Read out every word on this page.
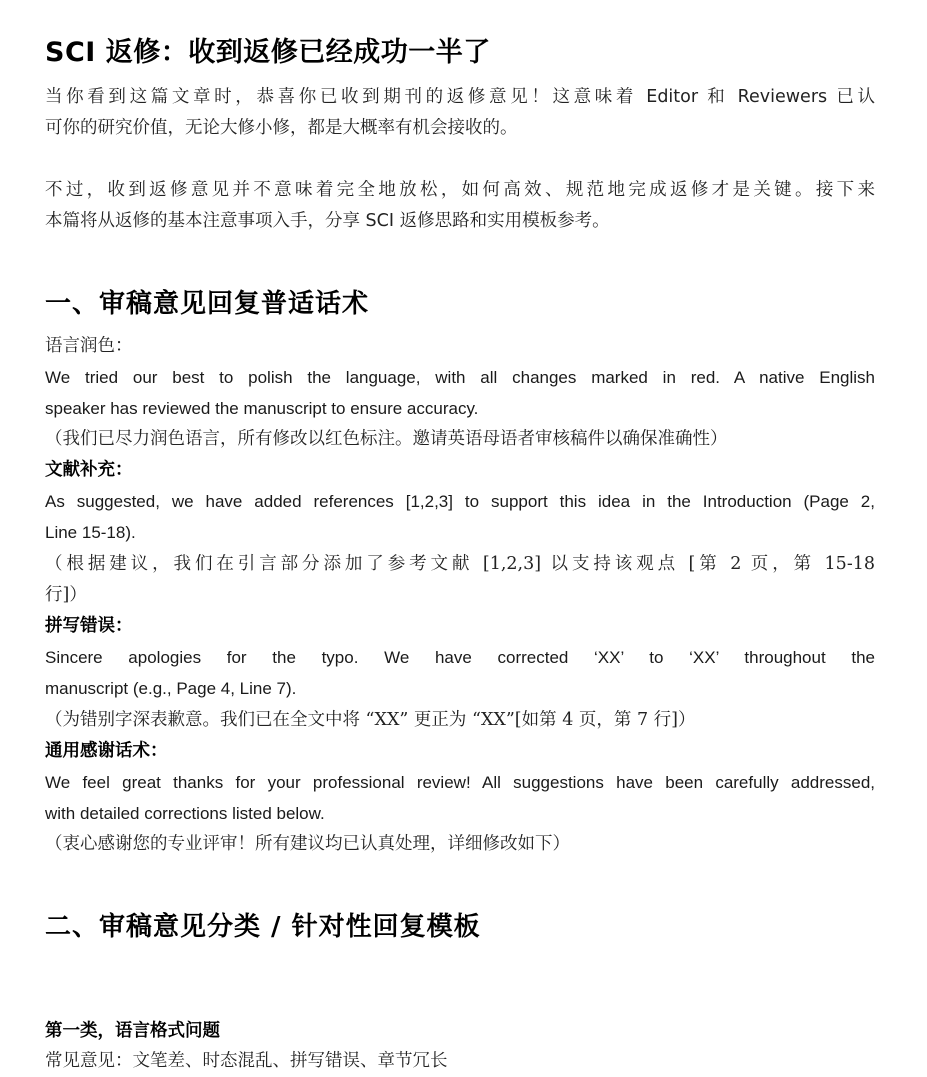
SCI 返修：收到返修已经成功一半了
当你看到这篇文章时，恭喜你已收到期刊的返修意见！这意味着 Editor 和 Reviewers 已认
可你的研究价值，无论大修小修，都是大概率有机会接收的。
不过，收到返修意见并不意味着完全地放松，如何高效、规范地完成返修才是关键。接下来
本篇将从返修的基本注意事项入手，分享 SCI 返修思路和实用模板参考。
一、审稿意见回复普适话术
语言润色：
We tried our best to polish the language, with all changes marked in red. A native English
speaker has reviewed the manuscript to ensure accuracy.
（我们已尽力润色语言，所有修改以红色标注。邀请英语母语者审核稿件以确保准确性）
文献补充：
As suggested, we have added references [1,2,3] to support this idea in the Introduction (Page 2,
Line 15-18).
（根据建议，我们在引言部分添加了参考文献 [1,2,3] 以支持该观点 [第 2 页，第 15-18
行]）
拼写错误：
Sincere apologies for the typo. We have corrected ‘XX’ to ‘XX’ throughout the
manuscript (e.g., Page 4, Line 7).
（为错别字深表歉意。我们已在全文中将 “XX” 更正为 “XX”[如第 4 页，第 7 行]）
通用感谢话术：
We feel great thanks for your professional review! All suggestions have been carefully addressed,
with detailed corrections listed below.
（衷心感谢您的专业评审！所有建议均已认真处理，详细修改如下）
二、审稿意见分类 / 针对性回复模板
第一类，语言格式问题
常见意见：文笔差、时态混乱、拼写错误、章节冗长
